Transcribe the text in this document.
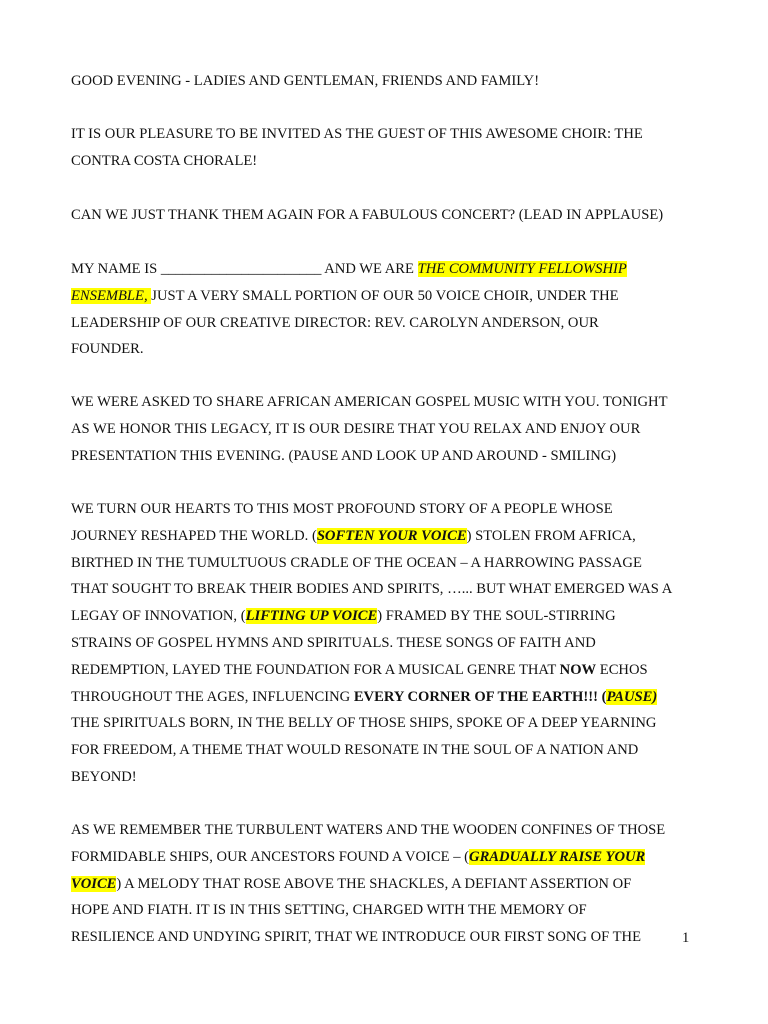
GOOD EVENING - LADIES AND GENTLEMAN, FRIENDS AND FAMILY!

IT IS OUR PLEASURE TO BE INVITED AS THE GUEST OF THIS AWESOME CHOIR: THE
CONTRA COSTA CHORALE!

CAN WE JUST THANK THEM AGAIN FOR A FABULOUS CONCERT? (LEAD IN APPLAUSE)

MY NAME IS ______________________ AND WE ARE THE COMMUNITY FELLOWSHIP
ENSEMBLE, JUST A VERY SMALL PORTION OF OUR 50 VOICE CHOIR, UNDER THE
LEADERSHIP OF OUR CREATIVE DIRECTOR: REV. CAROLYN ANDERSON, OUR
FOUNDER.

WE WERE ASKED TO SHARE AFRICAN AMERICAN GOSPEL MUSIC WITH YOU. TONIGHT
AS WE HONOR THIS LEGACY, IT IS OUR DESIRE THAT YOU RELAX AND ENJOY OUR
PRESENTATION THIS EVENING. (PAUSE AND LOOK UP AND AROUND - SMILING)

WE TURN OUR HEARTS TO THIS MOST PROFOUND STORY OF A PEOPLE WHOSE
JOURNEY RESHAPED THE WORLD. (SOFTEN YOUR VOICE) STOLEN FROM AFRICA,
BIRTHED IN THE TUMULTUOUS CRADLE OF THE OCEAN – A HARROWING PASSAGE
THAT SOUGHT TO BREAK THEIR BODIES AND SPIRITS, …... BUT WHAT EMERGED WAS A
LEGAY OF INNOVATION, (LIFTING UP VOICE) FRAMED BY THE SOUL-STIRRING
STRAINS OF GOSPEL HYMNS AND SPIRITUALS. THESE SONGS OF FAITH AND
REDEMPTION, LAYED THE FOUNDATION FOR A MUSICAL GENRE THAT NOW ECHOS
THROUGHOUT THE AGES, INFLUENCING EVERY CORNER OF THE EARTH!!! (PAUSE)
THE SPIRITUALS BORN, IN THE BELLY OF THOSE SHIPS, SPOKE OF A DEEP YEARNING
FOR FREEDOM, A THEME THAT WOULD RESONATE IN THE SOUL OF A NATION AND
BEYOND!

AS WE REMEMBER THE TURBULENT WATERS AND THE WOODEN CONFINES OF THOSE
FORMIDABLE SHIPS, OUR ANCESTORS FOUND A VOICE – (GRADUALLY RAISE YOUR
VOICE) A MELODY THAT ROSE ABOVE THE SHACKLES, A DEFIANT ASSERTION OF
HOPE AND FIATH. IT IS IN THIS SETTING, CHARGED WITH THE MEMORY OF
RESILIENCE AND UNDYING SPIRIT, THAT WE INTRODUCE OUR FIRST SONG OF THE	1
